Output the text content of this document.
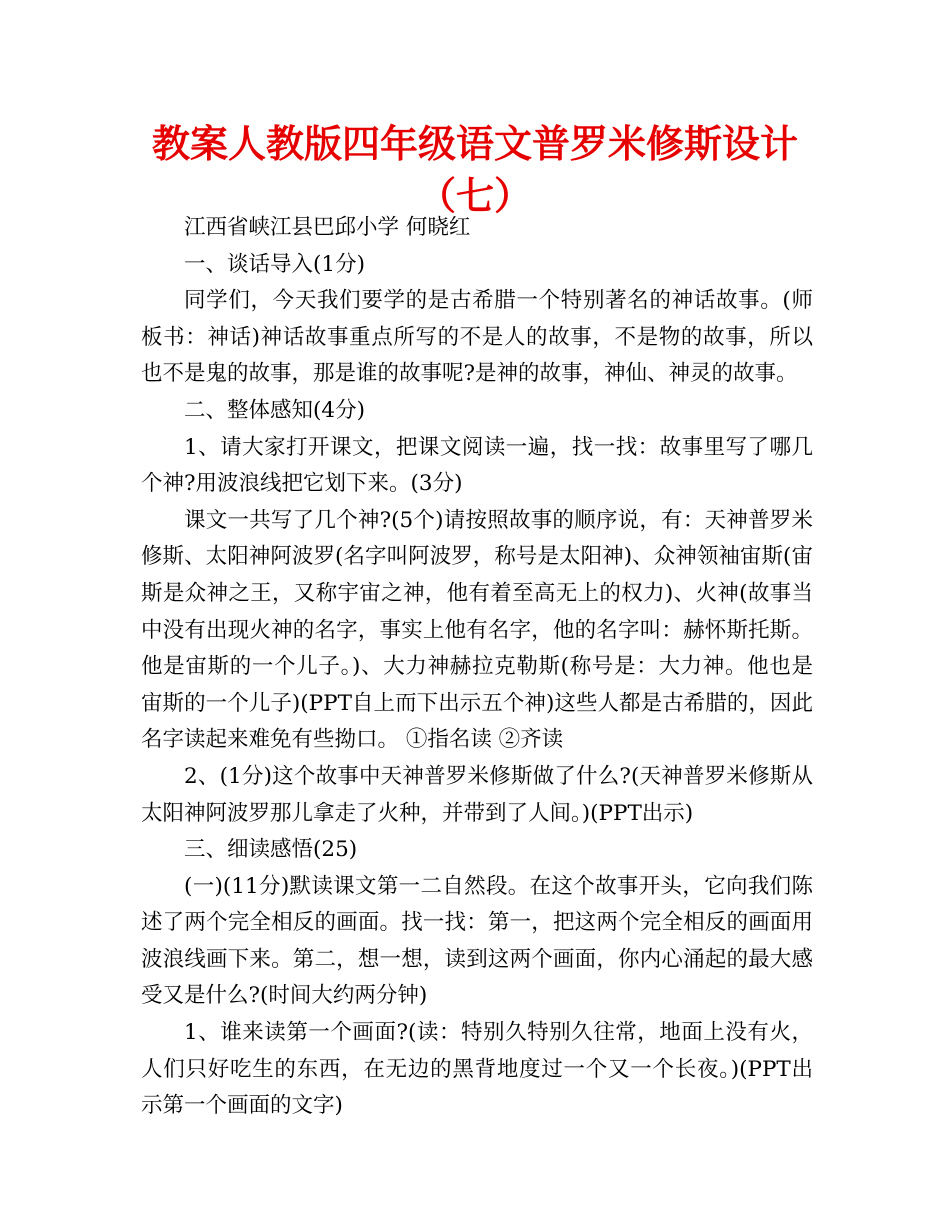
教案人教版四年级语文普罗米修斯设计（七）

江西省峡江县巴邱小学 何晓红

一、谈话导入(1分)

同学们，今天我们要学的是古希腊一个特别著名的神话故事。(师板书：神话)神话故事重点所写的不是人的故事，不是物的故事，所以也不是鬼的故事，那是谁的故事呢?是神的故事，神仙、神灵的故事。

二、整体感知(4分)

1、请大家打开课文，把课文阅读一遍，找一找：故事里写了哪几个神?用波浪线把它划下来。(3分)

课文一共写了几个神?(5个)请按照故事的顺序说，有：天神普罗米修斯、太阳神阿波罗(名字叫阿波罗，称号是太阳神)、众神领袖宙斯(宙斯是众神之王，又称宇宙之神，他有着至高无上的权力)、火神(故事当中没有出现火神的名字，事实上他有名字，他的名字叫：赫怀斯托斯。他是宙斯的一个儿子。)、大力神赫拉克勒斯(称号是：大力神。他也是宙斯的一个儿子)(PPT自上而下出示五个神)这些人都是古希腊的，因此名字读起来难免有些拗口。 ①指名读 ②齐读

2、(1分)这个故事中天神普罗米修斯做了什么?(天神普罗米修斯从太阳神阿波罗那儿拿走了火种，并带到了人间。)(PPT出示)

三、细读感悟(25)

(一)(11分)默读课文第一二自然段。在这个故事开头，它向我们陈述了两个完全相反的画面。找一找：第一，把这两个完全相反的画面用波浪线画下来。第二，想一想，读到这两个画面，你内心涌起的最大感受又是什么?(时间大约两分钟)

1、谁来读第一个画面?(读：特别久特别久往常，地面上没有火，人们只好吃生的东西，在无边的黑背地度过一个又一个长夜。)(PPT出示第一个画面的文字)
